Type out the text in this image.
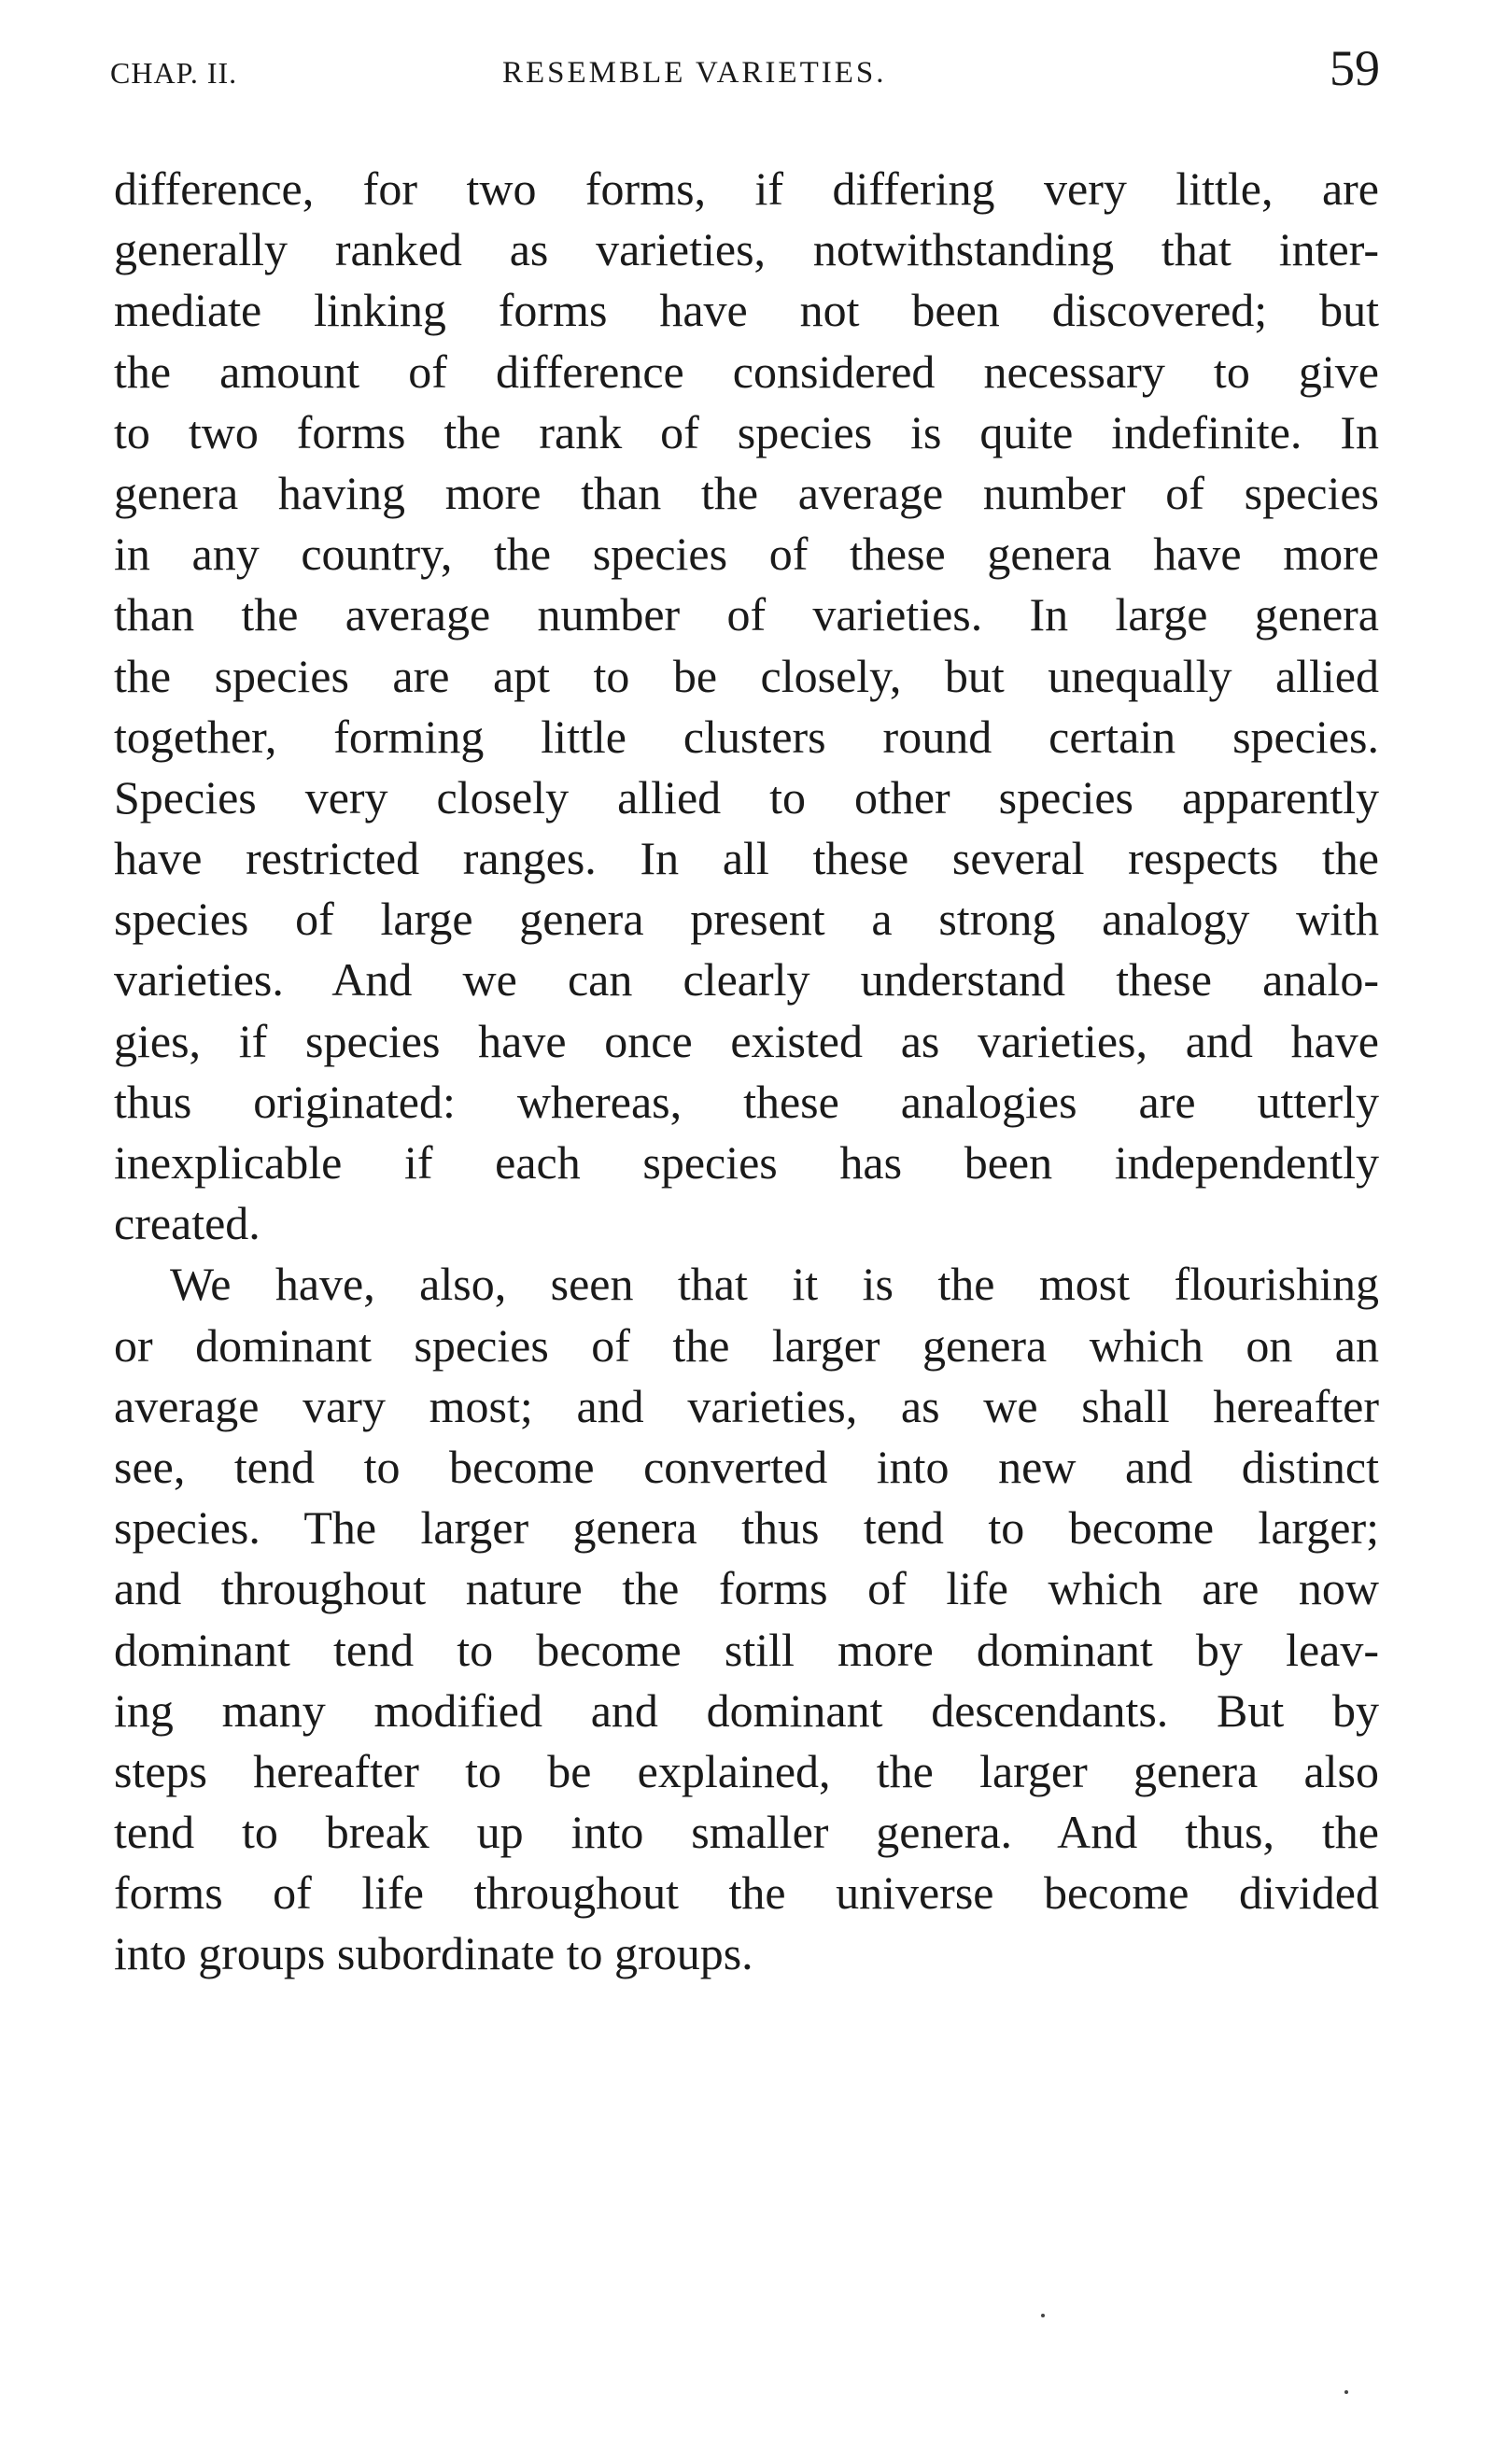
CHAP. II.	RESEMBLE VARIETIES.	59
difference, for two forms, if differing very little, are
generally ranked as varieties, notwithstanding that inter-
mediate linking forms have not been discovered; but
the amount of difference considered necessary to give
to two forms the rank of species is quite indefinite. In
genera having more than the average number of species
in any country, the species of these genera have more
than the average number of varieties. In large genera
the species are apt to be closely, but unequally allied
together, forming little clusters round certain species.
Species very closely allied to other species apparently
have restricted ranges. In all these several respects the
species of large genera present a strong analogy with
varieties. And we can clearly understand these analo-
gies, if species have once existed as varieties, and have
thus originated: whereas, these analogies are utterly
inexplicable if each species has been independently
created.
We have, also, seen that it is the most flourishing
or dominant species of the larger genera which on an
average vary most; and varieties, as we shall hereafter
see, tend to become converted into new and distinct
species. The larger genera thus tend to become larger;
and throughout nature the forms of life which are now
dominant tend to become still more dominant by leav-
ing many modified and dominant descendants. But by
steps hereafter to be explained, the larger genera also
tend to break up into smaller genera. And thus, the
forms of life throughout the universe become divided
into groups subordinate to groups.
